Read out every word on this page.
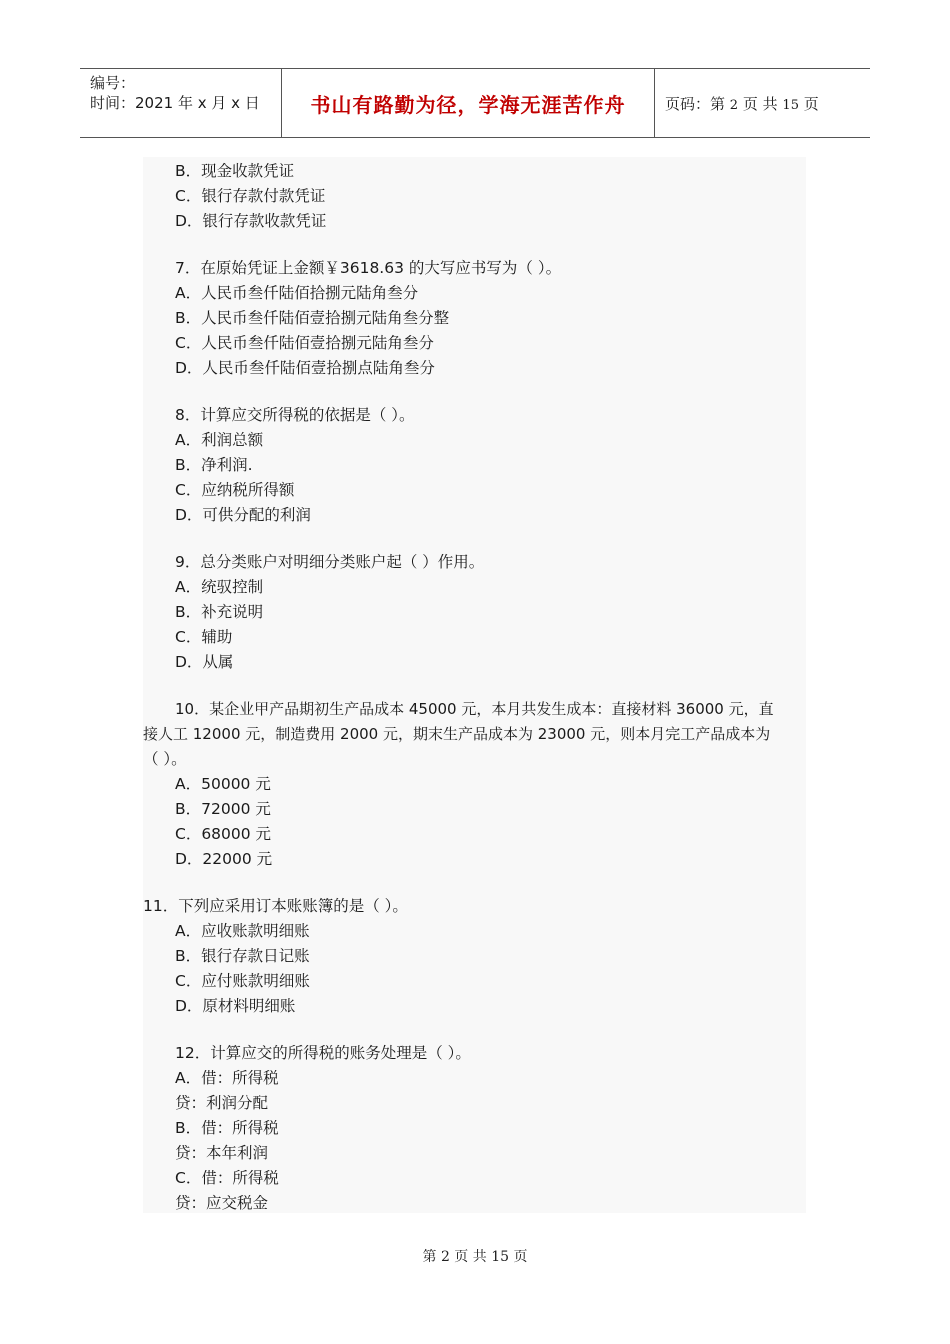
编号：
时间：2021 年 x 月 x 日	书山有路勤为径，学海无涯苦作舟	页码：第 2 页 共 15 页
B．现金收款凭证
C．银行存款付款凭证
D．银行存款收款凭证
7．在原始凭证上金额￥3618.63 的大写应书写为（ ）。
A．人民币叁仟陆佰拾捌元陆角叁分
B．人民币叁仟陆佰壹拾捌元陆角叁分整
C．人民币叁仟陆佰壹拾捌元陆角叁分
D．人民币叁仟陆佰壹拾捌点陆角叁分
8．计算应交所得税的依据是（ ）。
A．利润总额
B．净利润.
C．应纳税所得额
D．可供分配的利润
9．总分类账户对明细分类账户起（ ）作用。
A．统驭控制
B．补充说明
C．辅助
D．从属
10．某企业甲产品期初生产品成本 45000 元，本月共发生成本：直接材料 36000 元，直
接人工 12000 元，制造费用 2000 元，期末生产品成本为 23000 元，则本月完工产品成本为
（ ）。
A．50000 元
B．72000 元
C．68000 元
D．22000 元
11．下列应采用订本账账簿的是（ ）。
A．应收账款明细账
B．银行存款日记账
C．应付账款明细账
D．原材料明细账
12．计算应交的所得税的账务处理是（ ）。
A．借：所得税
贷：利润分配
B．借：所得税
贷：本年利润
C．借：所得税
贷：应交税金
第 2 页 共 15 页
